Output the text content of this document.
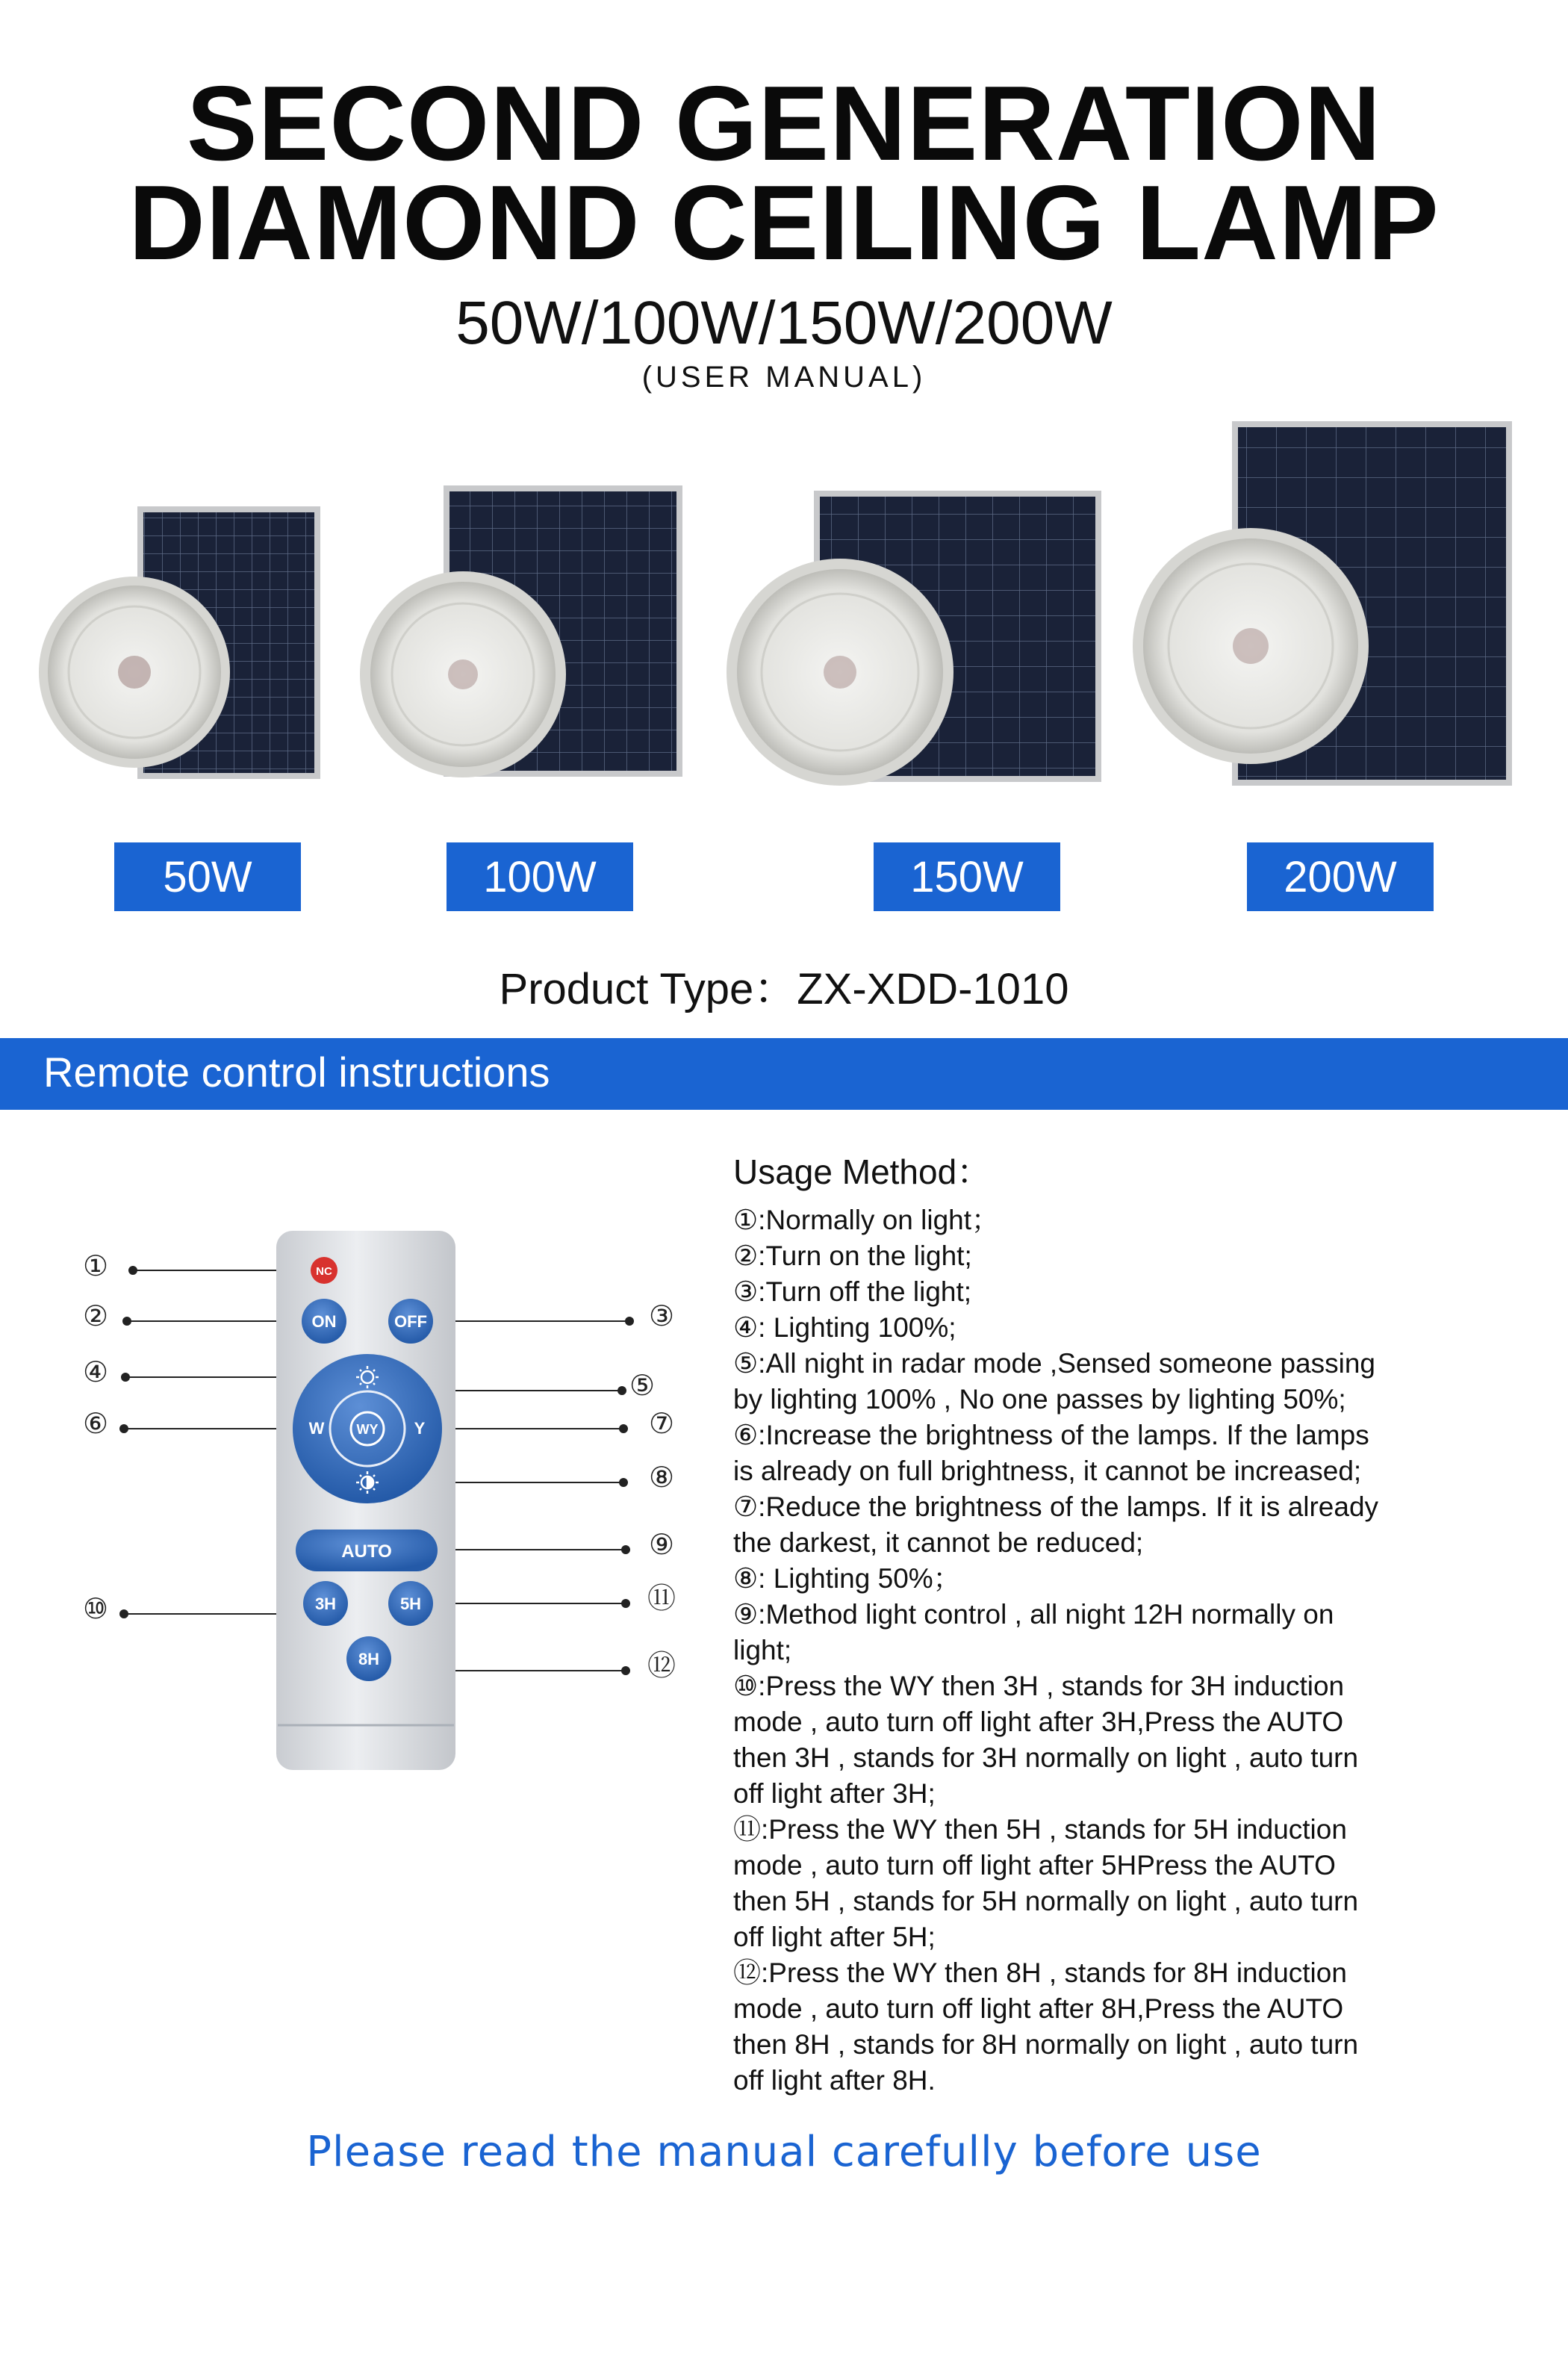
SECOND GENERATION
DIAMOND CEILING LAMP
50W/100W/150W/200W
(USER MANUAL)
50W	100W	150W	200W
Product Type：ZX-XDD-1010
Remote control instructions
NC
ON	OFF
W	Y
WY
AUTO
3H	5H
8H
①
②	③
④	⑤
⑥	⑦
⑧
⑨
⑩	⑪
⑫
Usage Method：
①:Normally on light；
②:Turn on the light;
③:Turn off the light;
④: Lighting 100%;
⑤:All night in radar mode ,Sensed someone passing
by lighting 100% , No one passes by lighting 50%;
⑥:Increase the brightness of the lamps. If the lamps
is already on full brightness, it cannot be increased;
⑦:Reduce the brightness of the lamps. If it is already
the darkest, it cannot be reduced;
⑧: Lighting 50%；
⑨:Method light control , all night 12H normally on
light;
⑩:Press the WY then 3H , stands for 3H induction
mode , auto turn off light after 3H,Press the AUTO
then 3H , stands for 3H normally on light , auto turn
off light after 3H;
⑪:Press the WY then 5H , stands for 5H induction
mode , auto turn off light after 5HPress the AUTO
then 5H , stands for 5H normally on light , auto turn
off light after 5H;
⑫:Press the WY then 8H , stands for 8H induction
mode , auto turn off light after 8H,Press the AUTO
then 8H , stands for 8H normally on light , auto turn
off light after 8H.
Please read the manual carefully before use
